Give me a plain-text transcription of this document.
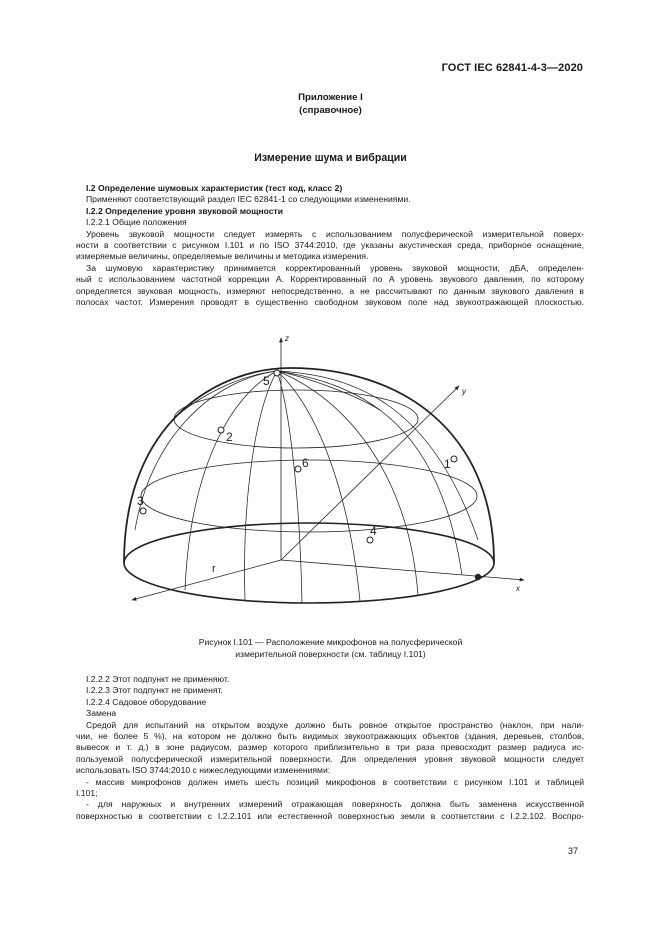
ГОСТ IEC 62841-4-3—2020
Приложение I
(справочное)
Измерение шума и вибрации

I.2 Определение шумовых характеристик (тест код, класс 2)

Применяют соответствующий раздел IEC 62841-1 со следующими изменениями.

I.2.2 Определение уровня звуковой мощности

I.2.2.1 Общие положения

Уровень звуковой мощности следует измерять с использованием полусферической измерительной поверх-

ности в соответствии с рисунком I.101 и по ISO 3744:2010, где указаны акустическая среда, приборное оснащение,

измеряемые величины, определяемые величины и методика измерения.

За шумовую характеристику принимается корректированный уровень звуковой мощности, дБA, определен-

ный с использованием частотной коррекции A. Корректированный по A уровень звукового давления, по которому

определяется звуковая мощность, измеряют непосредственно, а не рассчитывают по данным звукового давления в

полосах частот. Измерения проводят в существенно свободном звуковом поле над звукоотражающей плоскостью.

1
2
3
4
5
6
z
y
x
r
Рисунок I.101 — Расположение микрофонов на полусферической
измерительной поверхности (см. таблицу I.101)

I.2.2.2 Этот подпункт не применяют.

I.2.2.3 Этот подпункт не применят.

I.2.2.4 Садовое оборудование

Замена

Средой для испытаний на открытом воздухе должно быть ровное открытое пространство (наклон, при нали-

чии, не более 5 %), на котором не должно быть видимых звукоотражающих объектов (здания, деревьев, столбов,

вывесок и т. д.) в зоне радиусом, размер которого приблизительно в три раза превосходит размер радиуса ис-

пользуемой полусферической измерительной поверхности. Для определения уровня звуковой мощности следует

использовать ISO 3744:2010 с нижеследующими изменениями:

- массив микрофонов должен иметь шесть позиций микрофонов в соответствии с рисунком I.101 и таблицей

I.101;

- для наружных и внутренних измерений отражающая поверхность должна быть заменена искусственной

поверхностью в соответствии с I.2.2.101 или естественной поверхностью земли в соответствии с I.2.2.102. Воспро-

37
